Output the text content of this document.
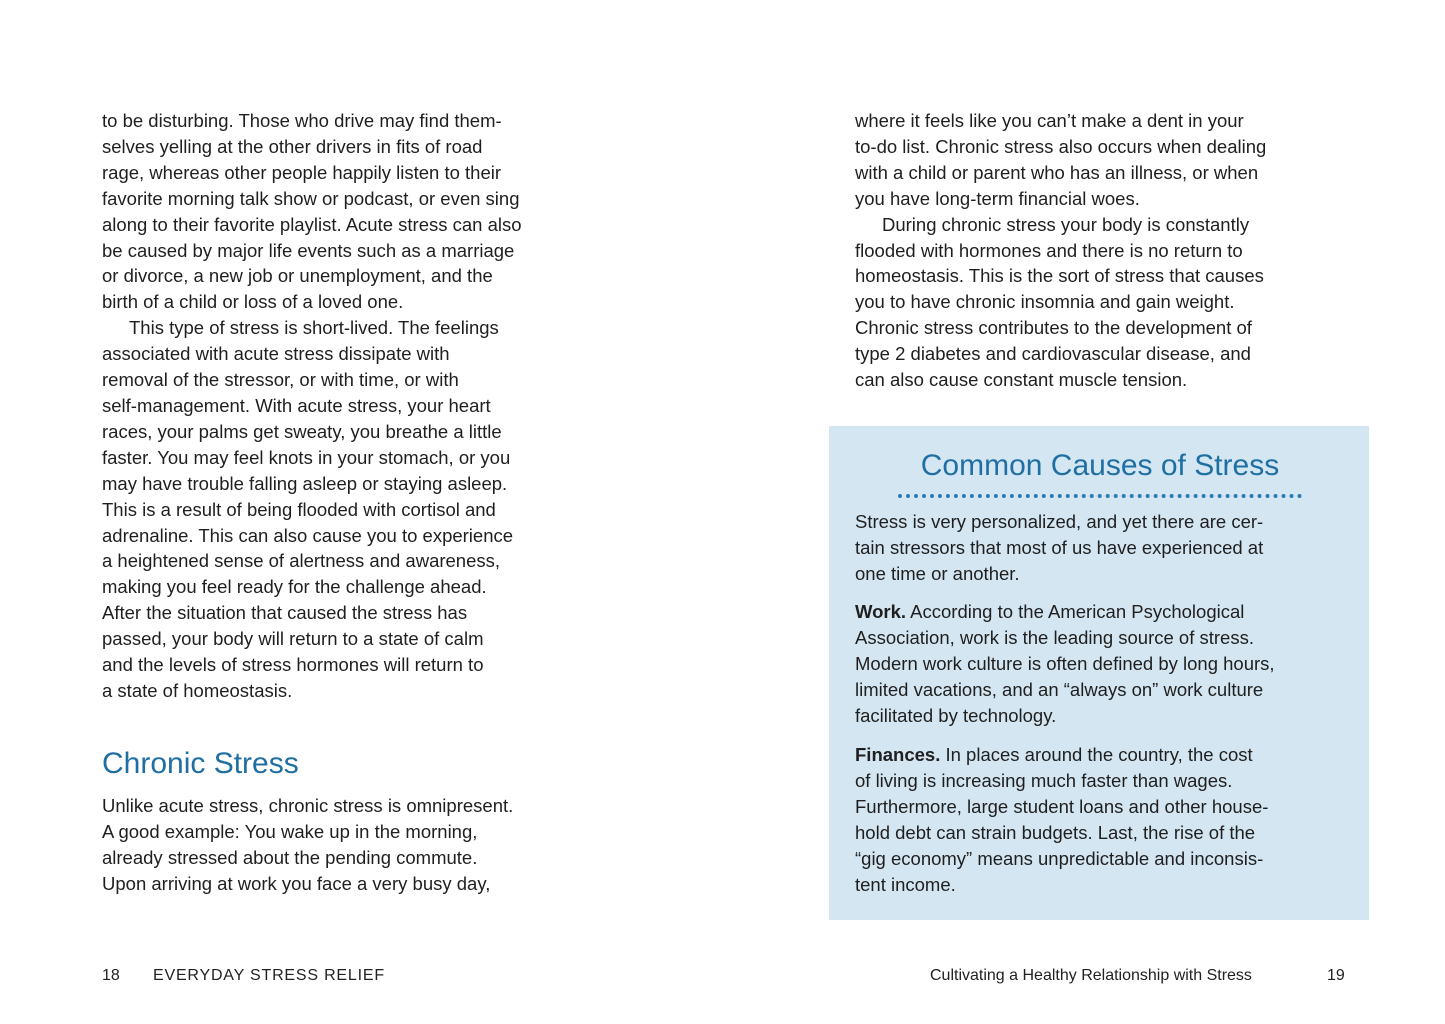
to be disturbing. Those who drive may find them-
selves yelling at the other drivers in fits of road
rage, whereas other people happily listen to their
favorite morning talk show or podcast, or even sing
along to their favorite playlist. Acute stress can also
be caused by major life events such as a marriage
or divorce, a new job or unemployment, and the
birth of a child or loss of a loved one.
This type of stress is short-lived. The feelings
associated with acute stress dissipate with
removal of the stressor, or with time, or with
self-management. With acute stress, your heart
races, your palms get sweaty, you breathe a little
faster. You may feel knots in your stomach, or you
may have trouble falling asleep or staying asleep.
This is a result of being flooded with cortisol and
adrenaline. This can also cause you to experience
a heightened sense of alertness and awareness,
making you feel ready for the challenge ahead.
After the situation that caused the stress has
passed, your body will return to a state of calm
and the levels of stress hormones will return to
a state of homeostasis.
Chronic Stress
Unlike acute stress, chronic stress is omnipresent.
A good example: You wake up in the morning,
already stressed about the pending commute.
Upon arriving at work you face a very busy day,
18 EVERYDAY STRESS RELIEF
where it feels like you can’t make a dent in your
to-do list. Chronic stress also occurs when dealing
with a child or parent who has an illness, or when
you have long-term financial woes.
During chronic stress your body is constantly
flooded with hormones and there is no return to
homeostasis. This is the sort of stress that causes
you to have chronic insomnia and gain weight.
Chronic stress contributes to the development of
type 2 diabetes and cardiovascular disease, and
can also cause constant muscle tension.
Common Causes of Stress
Stress is very personalized, and yet there are cer-
tain stressors that most of us have experienced at
one time or another.
Work. According to the American Psychological
Association, work is the leading source of stress.
Modern work culture is often defined by long hours,
limited vacations, and an “always on” work culture
facilitated by technology.
Finances. In places around the country, the cost
of living is increasing much faster than wages.
Furthermore, large student loans and other house-
hold debt can strain budgets. Last, the rise of the
“gig economy” means unpredictable and inconsis-
tent income.
Cultivating a Healthy Relationship with Stress	19
